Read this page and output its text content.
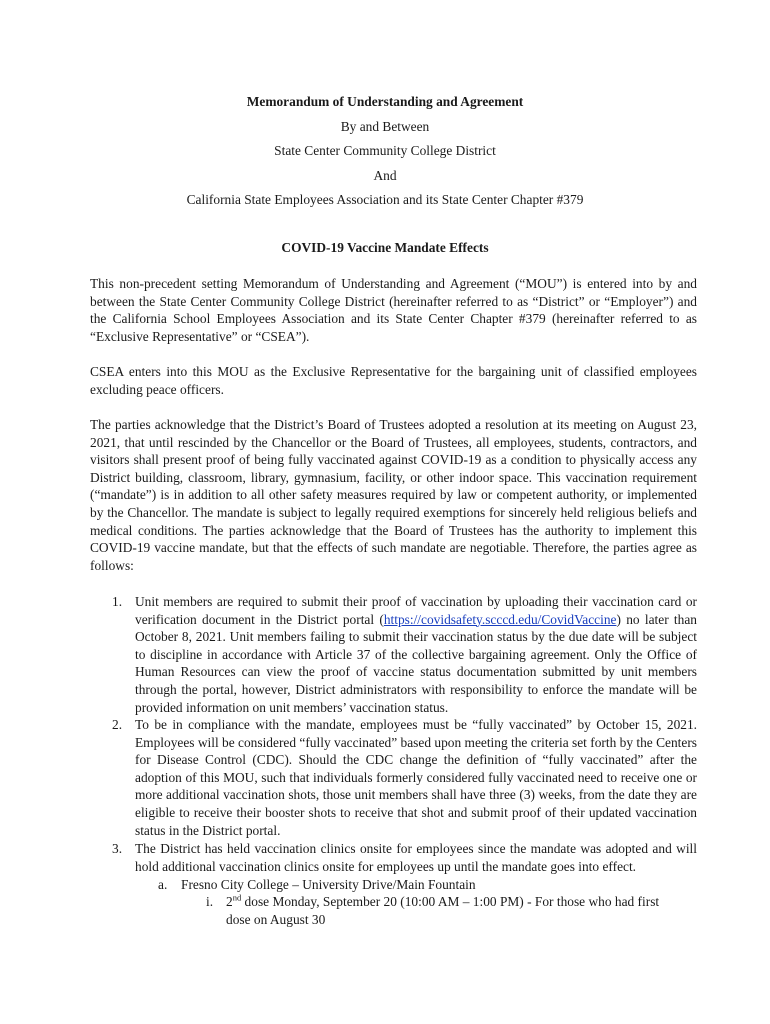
Memorandum of Understanding and Agreement
By and Between
State Center Community College District
And
California State Employees Association and its State Center Chapter #379
COVID-19 Vaccine Mandate Effects

This non-precedent setting Memorandum of Understanding and Agreement (“MOU”) is entered into by and between the State Center Community College District (hereinafter referred to as “District” or “Employer”) and the California School Employees Association and its State Center Chapter #379 (hereinafter referred to as “Exclusive Representative” or “CSEA”).

CSEA enters into this MOU as the Exclusive Representative for the bargaining unit of classified employees excluding peace officers.

The parties acknowledge that the District’s Board of Trustees adopted a resolution at its meeting on August 23, 2021, that until rescinded by the Chancellor or the Board of Trustees, all employees, students, contractors, and visitors shall present proof of being fully vaccinated against COVID-19 as a condition to physically access any District building, classroom, library, gymnasium, facility, or other indoor space. This vaccination requirement (“mandate”) is in addition to all other safety measures required by law or competent authority, or implemented by the Chancellor. The mandate is subject to legally required exemptions for sincerely held religious beliefs and medical conditions. The parties acknowledge that the Board of Trustees has the authority to implement this COVID-19 vaccine mandate, but that the effects of such mandate are negotiable. Therefore, the parties agree as follows:

1. Unit members are required to submit their proof of vaccination by uploading their vaccination card or verification document in the District portal (https://covidsafety.scccd.edu/CovidVaccine) no later than October 8, 2021. Unit members failing to submit their vaccination status by the due date will be subject to discipline in accordance with Article 37 of the collective bargaining agreement. Only the Office of Human Resources can view the proof of vaccine status documentation submitted by unit members through the portal, however, District administrators with responsibility to enforce the mandate will be provided information on unit members’ vaccination status.
2. To be in compliance with the mandate, employees must be “fully vaccinated” by October 15, 2021. Employees will be considered “fully vaccinated” based upon meeting the criteria set forth by the Centers for Disease Control (CDC). Should the CDC change the definition of “fully vaccinated” after the adoption of this MOU, such that individuals formerly considered fully vaccinated need to receive one or more additional vaccination shots, those unit members shall have three (3) weeks, from the date they are eligible to receive their booster shots to receive that shot and submit proof of their updated vaccination status in the District portal.
3. The District has held vaccination clinics onsite for employees since the mandate was adopted and will hold additional vaccination clinics onsite for employees up until the mandate goes into effect.
a. Fresno City College – University Drive/Main Fountain
i. 2nd dose Monday, September 20 (10:00 AM – 1:00 PM) - For those who had first
dose on August 30
